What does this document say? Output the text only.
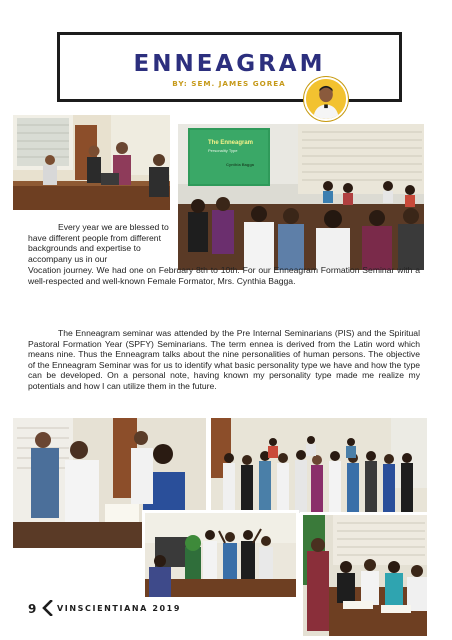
ENNEAGRAM
BY: SEM. JAMES GOREA
The Enneagram
Personality Type
Cynthia Bagga
Every year we are blessed to have different people from different backgrounds and expertise to accompany us in our
Vocation journey. We had one on February 8th to 10th. For our Enneagram Formation Seminar with a well-respected and well-known Female Formator, Mrs. Cynthia Bagga.
The Enneagram seminar was attended by the Pre Internal Seminarians (PIS) and the Spiritual Pastoral Formation Year (SPFY) Seminarians. The term ennea is derived from the Latin word which means nine. Thus the Enneagram talks about the nine personalities of human persons. The objective of the Enneagram Seminar was for us to identify what basic personality type we have and how the type can be developed. On a personal note, having known my personality type made me realize my potentials and how I can utilize them in the future.
9	VINSCIENTIANA 2019
